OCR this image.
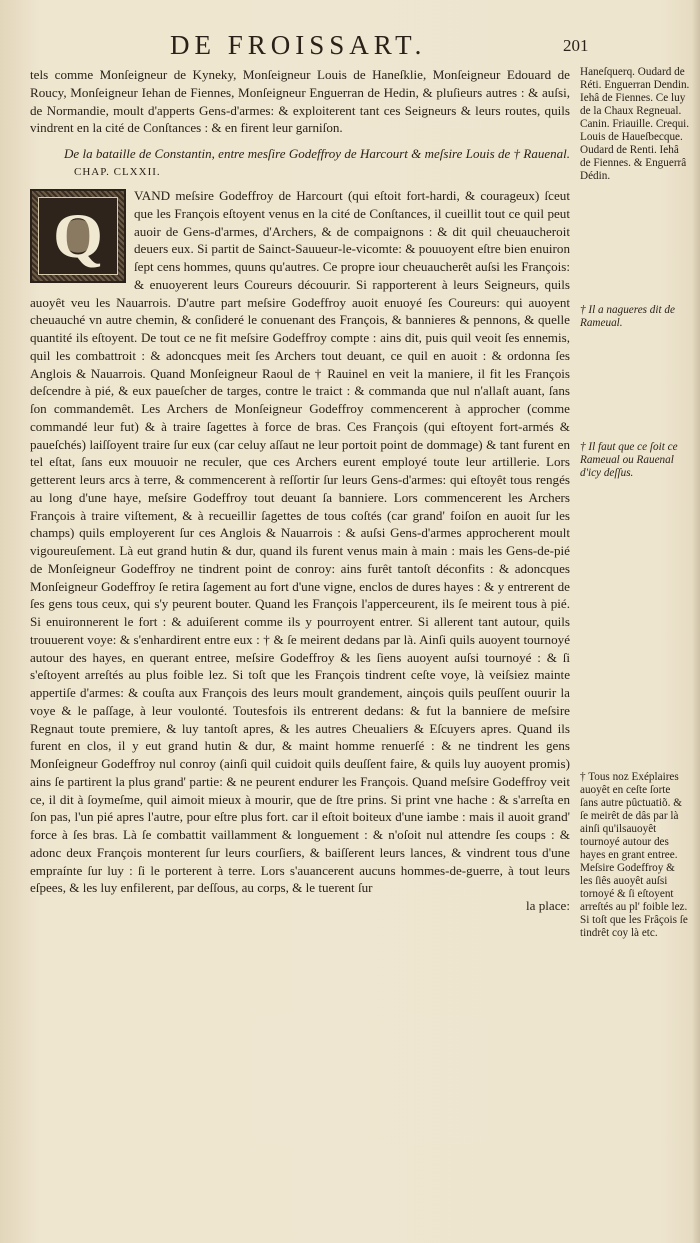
DE FROISSART.	201

tels comme Monſeigneur de Kyneky, Monſeigneur Louis de Haneſklie, Monſeigneur Edouard de Roucy, Monſeigneur Iehan de Fiennes, Monſeigneur Enguerran de Hedin, & pluſieurs autres : & auſsi, de Normandie, moult d'apperts Gens-d'armes: & exploiterent tant ces Seigneurs & leurs routes, quils vindrent en la cité de Conſtances : & en firent leur garniſon.

De la bataille de Constantin, entre mesſire Godeffroy de Harcourt & meſsire Louis de † Rauenal. CHAP. CLXXII.
Q

VAND meſsire Godeffroy de Harcourt (qui eſtoit fort-hardi, & courageux) ſceut que les François eſtoyent venus en la cité de Conſtances, il cueillit tout ce quil peut auoir de Gens-d'armes, d'Archers, & de compaignons : & dit quil cheuaucheroit deuers eux. Si partit de Sainct-Sauueur-le-vicomte: & pouuoyent eſtre bien enuiron ſept cens hommes, quuns qu'autres. Ce propre iour cheuaucherêt auſsi les François: & enuoyerent leurs Coureurs découurir. Si rapporterent à leurs Seigneurs, quils auoyêt veu les Nauarrois. D'autre part meſsire Godeffroy auoit enuoyé ſes Coureurs: qui auoyent cheuauché vn autre chemin, & conſideré le conuenant des François, & bannieres & pennons, & quelle quantité ils eſtoyent. De tout ce ne fit meſsire Godeffroy compte : ains dit, puis quil veoit ſes ennemis, quil les combattroit : & adoncques meit ſes Archers tout deuant, ce quil en auoit : & ordonna ſes Anglois & Nauarrois. Quand Monſeigneur Raoul de † Rauinel en veit la maniere, il fit les François deſcendre à pié, & eux paueſcher de targes, contre le traict : & commanda que nul n'allaſt auant, ſans ſon commandemêt. Les Archers de Monſeigneur Godeffroy commencerent à approcher (comme commandé leur fut) & à traire ſagettes à force de bras. Ces François (qui eſtoyent fort-armés & paueſchés) laiſſoyent traire ſur eux (car celuy aſſaut ne leur portoit point de dommage) & tant furent en tel eſtat, ſans eux mouuoir ne reculer, que ces Archers eurent employé toute leur artillerie. Lors getterent leurs arcs à terre, & commencerent à reſſortir ſur leurs Gens-d'armes: qui eſtoyêt tous rengés au long d'une haye, meſsire Godeffroy tout deuant ſa banniere. Lors commencerent les Archers François à traire viſtement, & à recueillir ſagettes de tous coſtés (car grand' foiſon en auoit ſur les champs) quils employerent ſur ces Anglois & Nauarrois : & auſsi Gens-d'armes approcherent moult vigoureuſement. Là eut grand hutin & dur, quand ils furent venus main à main : mais les Gens-de-pié de Monſeigneur Godeffroy ne tindrent point de conroy: ains furêt tantoſt déconfits : & adoncques Monſeigneur Godeffroy ſe retira ſagement au fort d'une vigne, enclos de dures hayes : & y entrerent de ſes gens tous ceux, qui s'y peurent bouter. Quand les François l'apperceurent, ils ſe meirent tous à pié. Si enuironnerent le fort : & aduiſerent comme ils y pourroyent entrer. Si allerent tant autour, quils trouuerent voye: & s'enhardirent entre eux : † & ſe meirent dedans par là. Ainſi quils auoyent tournoyé autour des hayes, en querant entree, meſsire Godeffroy & les ſiens auoyent auſsi tournoyé : & ſi s'eſtoyent arreſtés au plus foible lez. Si toſt que les François tindrent ceſte voye, là veiſsiez mainte appertiſe d'armes: & couſta aux François des leurs moult grandement, ainçois quils peuſſent ouurir la voye & le paſſage, à leur voulonté. Toutesfois ils entrerent dedans: & fut la banniere de meſsire Regnaut toute premiere, & luy tantoſt apres, & les autres Cheualiers & Eſcuyers apres. Quand ils furent en clos, il y eut grand hutin & dur, & maint homme renuerſé : & ne tindrent les gens Monſeigneur Godeffroy nul conroy (ainſi quil cuidoit quils deuſſent faire, & quils luy auoyent promis) ains ſe partirent la plus grand' partie: & ne peurent endurer les François. Quand meſsire Godeffroy veit ce, il dit à ſoymeſme, quil aimoit mieux à mourir, que de ſtre prins. Si print vne hache : & s'arreſta en ſon pas, l'un pié apres l'autre, pour eſtre plus fort. car il eſtoit boiteux d'une iambe : mais il auoit grand' force à ſes bras. Là ſe combattit vaillamment & longuement : & n'oſoit nul attendre ſes coups : & adonc deux François monterent ſur leurs courſiers, & baiſſerent leurs lances, & vindrent tous d'une empraínte ſur luy : ſi le porterent à terre. Lors s'auancerent aucuns hommes-de-guerre, à tout leurs eſpees, & les luy enfilerent, par deſſous, au corps, & le tuerent ſur

la place:

Haneſquerq. Oudard de Réti. Enguerran Dendin. Iehâ de Fiennes. Ce luy de la Chaux Regneual. Canin. Friauille. Crequi. Louis de Haueſbecque. Oudard de Renti. Iehâ de Fiennes. & Enguerrâ Dédin.
† Il a nagueres dit de Rameual.
† Il faut que ce ſoit ce Rameual ou Rauenal d'icy deſſus.
† Tous noz Exéplaires auoyêt en ceſte ſorte ſans autre pûctuatiõ. & ſe meirêt de dâs par là ainſi qu'ilsauoyêt tournoyé autour des hayes en grant entree. Meſsire Godeffroy & les ſiês auoyêt auſsi tornoyé & ſi eſtoyent arreſtés au pl' foible lez. Si toſt que les Frâçois ſe tindrêt coy là etc.
